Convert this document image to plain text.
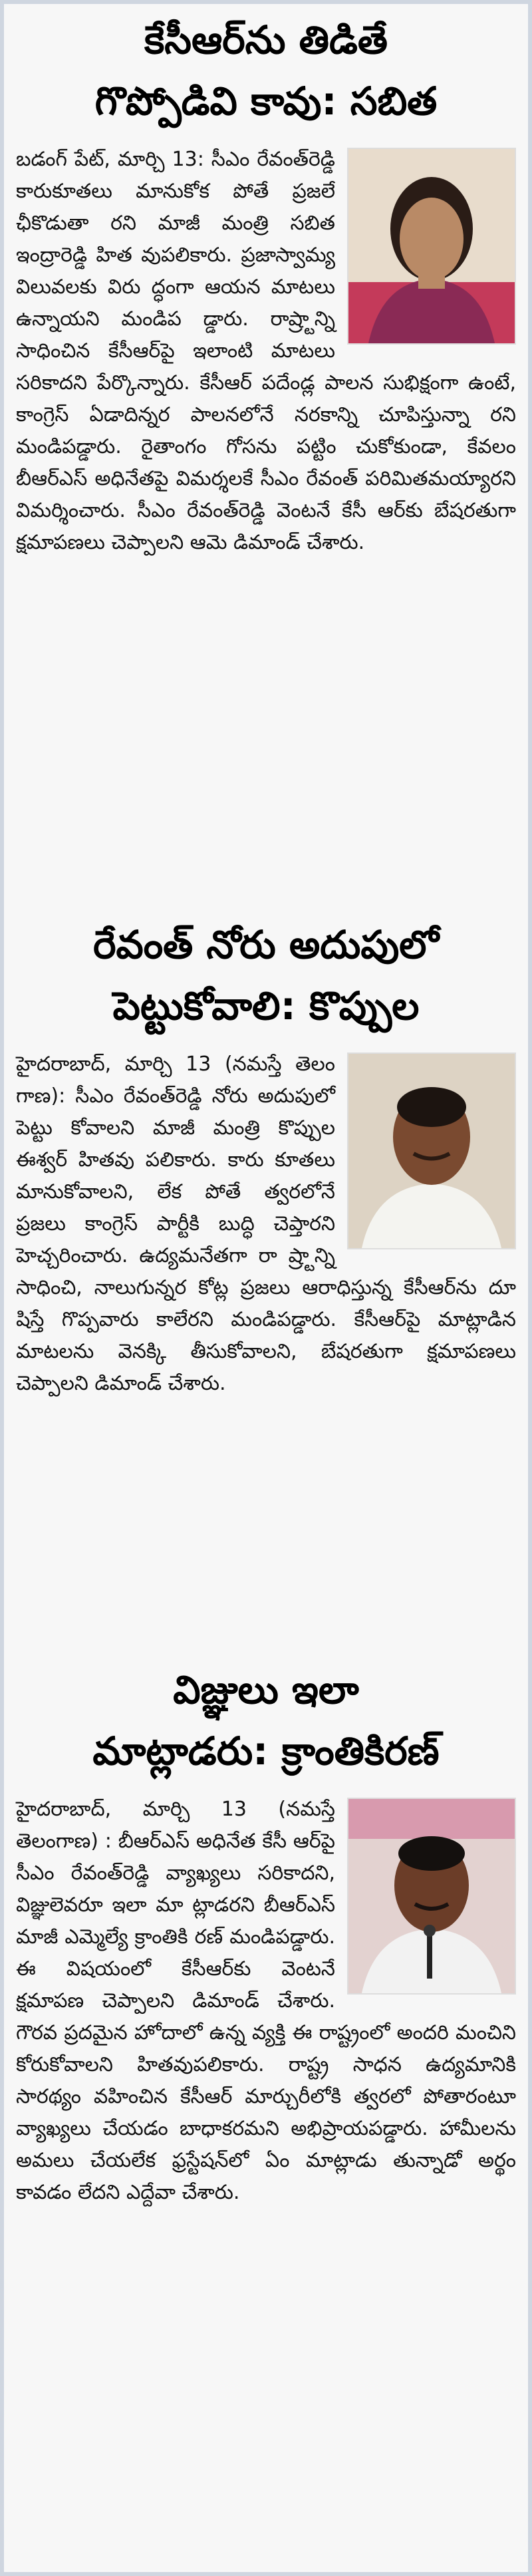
కేసీఆర్‌ను తిడితే

గొప్పోడివి కావు: సబిత

బడంగ్ పేట్, మార్చి 13: సీఎం రేవంత్‌రెడ్డి కారుకూతలు మానుకోక పోతే ప్రజలే ఛీకొడుతా రని మాజీ మంత్రి సబిత ఇంద్రారెడ్డి హిత వుపలికారు. ప్రజాస్వామ్య విలువలకు విరు ద్ధంగా ఆయన మాటలు ఉన్నాయని మండిప డ్డారు. రాష్ర్టాన్ని సాధించిన కేసీఆర్‌పై ఇలాంటి మాటలు సరికాదని పేర్కొన్నారు. కేసీఆర్ పదేండ్ల పాలన సుభిక్షంగా ఉంటే, కాంగ్రెస్ ఏడాదిన్నర పాలనలోనే నరకాన్ని చూపిస్తున్నా రని మండిపడ్డారు. రైతాంగం గోసను పట్టిం చుకోకుండా, కేవలం బీఆర్‌ఎస్ అధినేతపై విమర్శలకే సీఎం రేవంత్ పరిమితమయ్యారని విమర్శించారు. సీఎం రేవంత్‌రెడ్డి వెంటనే కేసీ ఆర్‌కు బేషరతుగా క్షమాపణలు చెప్పాలని ఆమె డిమాండ్ చేశారు.

రేవంత్ నోరు అదుపులో

పెట్టుకోవాలి: కొప్పుల

హైదరాబాద్, మార్చి 13 (నమస్తే తెలం గాణ): సీఎం రేవంత్‌రెడ్డి నోరు అదుపులో పెట్టు కోవాలని మాజీ మంత్రి కొప్పుల ఈశ్వర్ హితవు పలికారు. కారు కూతలు మానుకోవాలని, లేక పోతే త్వరలోనే ప్రజలు కాంగ్రెస్ పార్టీకి బుద్ధి చెప్తారని హెచ్చరించారు. ఉద్యమనేతగా రా ష్ర్టాన్ని సాధించి, నాలుగున్నర కోట్ల ప్రజలు ఆరాధిస్తున్న కేసీఆర్‌ను దూ షిస్తే గొప్పవారు కాలేరని మండిపడ్డారు. కేసీఆర్‌పై మాట్లాడిన మాటలను వెనక్కి తీసుకోవాలని, బేషరతుగా క్షమాపణలు చెప్పాలని డిమాండ్ చేశారు.

విజ్ఞులు ఇలా

మాట్లాడరు: క్రాంతికిరణ్

హైదరాబాద్, మార్చి 13 (నమస్తే తెలంగాణ) : బీఆర్‌ఎస్ అధినేత కేసీ ఆర్‌పై సీఎం రేవంత్‌రెడ్డి వ్యాఖ్యలు సరికాదని, విజ్ఞులెవరూ ఇలా మా ట్లాడరని బీఆర్‌ఎస్ మాజీ ఎమ్మెల్యే క్రాంతికి రణ్ మండిపడ్డారు. ఈ విషయంలో కేసీఆర్‌కు వెంటనే క్షమాపణ చెప్పాలని డిమాండ్ చేశారు. గౌరవ ప్రదమైన హోదాలో ఉన్న వ్యక్తి ఈ రాష్ట్రంలో అందరి మంచిని కోరుకోవాలని హితవుపలికారు. రాష్ట్ర సాధన ఉద్యమానికి సారథ్యం వహించిన కేసీఆర్ మార్చురీలోకి త్వరలో పోతారంటూ వ్యాఖ్యలు చేయడం బాధాకరమని అభిప్రాయపడ్డారు. హామీలను అమలు చేయలేక ఫ్రస్టేషన్‌లో ఏం మాట్లాడు తున్నాడో అర్థం కావడం లేదని ఎద్దేవా చేశారు.
